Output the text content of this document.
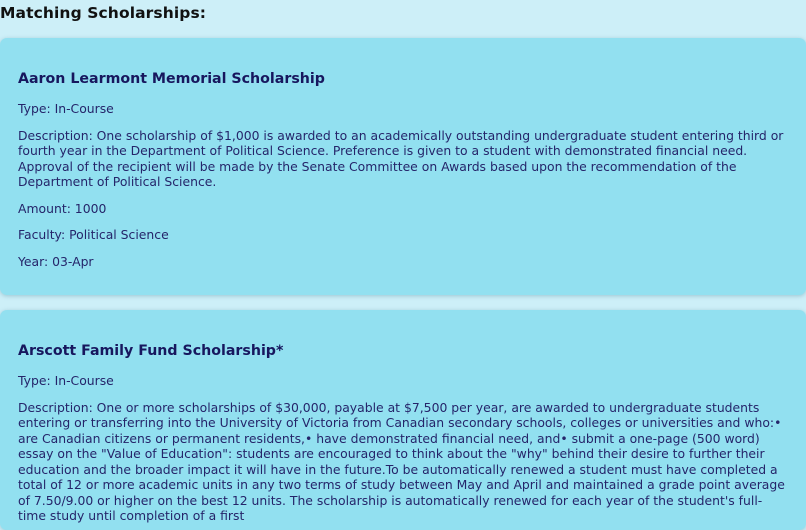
Matching Scholarships:
Aaron Learmont Memorial Scholarship

Type: In-Course

Description: One scholarship of $1,000 is awarded to an academically outstanding undergraduate student entering third or fourth year in the Department of Political Science. Preference is given to a student with demonstrated financial need. Approval of the recipient will be made by the Senate Committee on Awards based upon the recommendation of the Department of Political Science.

Amount: 1000

Faculty: Political Science

Year: 03-Apr

Arscott Family Fund Scholarship*

Type: In-Course

Description: One or more scholarships of $30,000, payable at $7,500 per year, are awarded to undergraduate students entering or transferring into the University of Victoria from Canadian secondary schools, colleges or universities and who:• are Canadian citizens or permanent residents,• have demonstrated financial need, and• submit a one-page (500 word) essay on the "Value of Education": students are encouraged to think about the "why" behind their desire to further their education and the broader impact it will have in the future.To be automatically renewed a student must have completed a total of 12 or more academic units in any two terms of study between May and April and maintained a grade point average of 7.50/9.00 or higher on the best 12 units. The scholarship is automatically renewed for each year of the student's full-time study until completion of a first
